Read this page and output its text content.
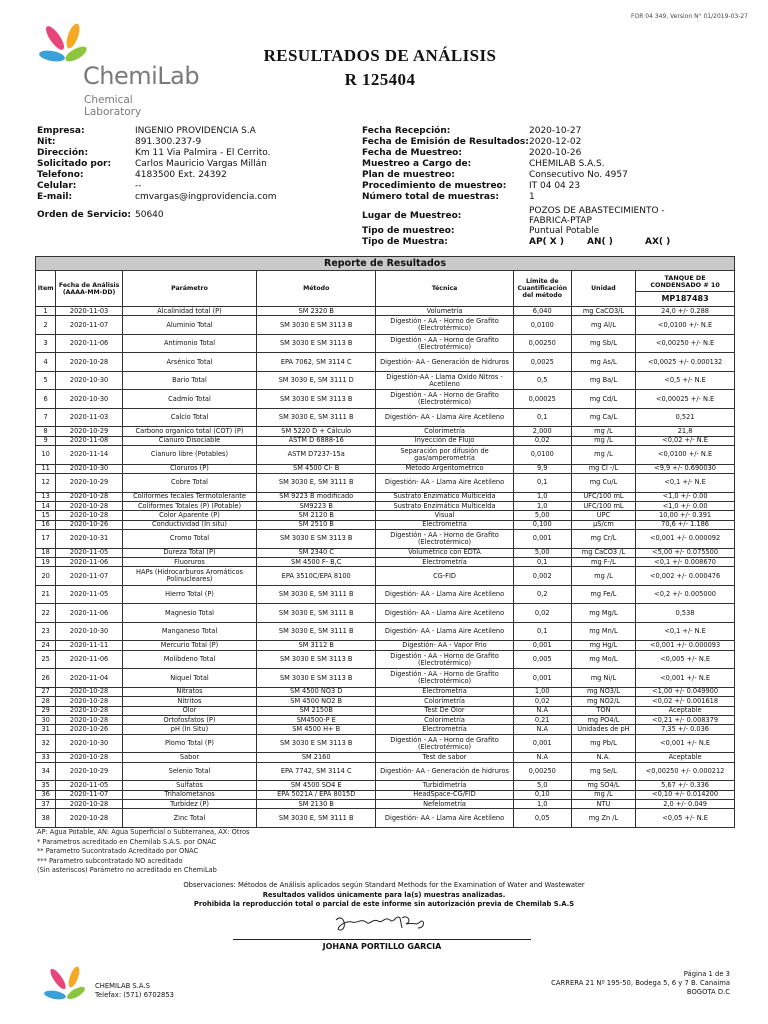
FOR 04 349, Version N° 01/2019-03-27
ChemiLab
Chemical Laboratory
RESULTADOS DE ANÁLISIS
R 125404
Empresa:	INGENIO PROVIDENCIA S.A
Nit:	891.300.237-9
Dirección:	Km 11 Via Palmira - El Cerrito.
Solicitado por:	Carlos Mauricio Vargas Millán
Telefono:	4183500 Ext. 24392
Celular:	--
E-mail:	cmvargas@ingprovidencia.com
Fecha Recepción:	2020-10-27
Fecha de Emisión de Resultados: 2020-12-02
Fecha de Muestreo:	2020-10-26
Muestreo a Cargo de:	CHEMILAB S.A.S.
Plan de muestreo:	Consecutivo No. 4957
Procedimiento de muestreo:	IT 04 04 23
Número total de muestras:	1
Orden de Servicio: 50640	Lugar de Muestreo:	POZOS DE ABASTECIMIENTO -
FABRICA-PTAP
Tipo de muestreo:	Puntual Potable
Tipo de Muestra:	AP( X )	AN( )	AX( )
Reporte de Resultados							
Item	Fecha de Análisis (AAAA-MM-DD)	Parámetro	Método	Técnica	Límite de Cuantificación del método	Unidad	TANQUE DE CONDENSADO # 10
MP187483

1	2020-11-03	Alcalinidad total (P)	SM 2320 B	Volumetría	6,040	mg CaCO3/L	24,0 +/- 0.288
2	2020-11-07	Aluminio Total	SM 3030 E SM 3113 B	Digestión - AA - Horno de Grafito (Electrotérmico)	0,0100	mg Al/L	<0,0100 +/- N.E
3	2020-11-06	Antimonio Total	SM 3030 E SM 3113 B	Digestión - AA - Horno de Grafito (Electrotérmico)	0,00250	mg Sb/L	<0,00250 +/- N.E
4	2020-10-28	Arsénico Total	EPA 7062, SM 3114 C	Digestión- AA - Generación de hidruros	0,0025	mg As/L	<0,0025 +/- 0.000132
5	2020-10-30	Bario Total	SM 3030 E, SM 3111 D	Digestión-AA - Llama Oxido Nitros -Acetileno	0,5	mg Ba/L	<0,5 +/- N.E
6	2020-10-30	Cadmio Total	SM 3030 E SM 3113 B	Digestión - AA - Horno de Grafito (Electrotérmico)	0,00025	mg Cd/L	<0,00025 +/- N.E
7	2020-11-03	Calcio Total	SM 3030 E, SM 3111 B	Digestión- AA - Llama Aire Acetileno	0,1	mg Ca/L	0,521
8	2020-10-29	Carbono organico total (COT) (P)	SM 5220 D + Cálculo	Colorimetría	2,000	mg /L	21,8
9	2020-11-08	Cianuro Disociable	ASTM D 6888-16	Inyección de Flujo	0,02	mg /L	<0,02 +/- N.E
10	2020-11-14	Cianuro libre (Potables)	ASTM D7237-15a	Separación por difusión de gas/amperometría	0,0100	mg /L	<0,0100 +/- N.E
11	2020-10-30	Cloruros (P)	SM 4500 Cl- B	Método Argentometrico	9,9	mg Cl -/L	<9,9 +/- 0.690030
12	2020-10-29	Cobre Total	SM 3030 E, SM 3111 B	Digestión- AA - Llama Aire Acetileno	0,1	mg Cu/L	<0,1 +/- N.E
13	2020-10-28	Coliformes fecales Termotolerante	SM 9223 B modificado	Sustrato Enzimático Multicelda	1,0	UFC/100 mL	<1,0 +/- 0.00
14	2020-10-28	Coliformes Totales (P) (Potable)	SM9223 B	Sustrato Enzimático Multicelda	1,0	UFC/100 mL	<1,0 +/- 0.00
15	2020-10-28	Color Aparente (P)	SM 2120 B	Visual	5,00	UPC	10,00 +/- 0.391
16	2020-10-26	Conductividad (In situ)	SM 2510 B	Electrometría	0,100	µS/cm	70,6 +/- 1.186
17	2020-10-31	Cromo Total	SM 3030 E SM 3113 B	Digestión - AA - Horno de Grafito (Electrotérmico)	0,001	mg Cr/L	<0,001 +/- 0.000092
18	2020-11-05	Dureza Total (P)	SM 2340 C	Volumétrico con EDTA	5,00	mg CaCO3 /L	<5,00 +/- 0.075500
19	2020-11-06	Fluoruros	SM 4500 F- B,C	Electrometría	0,1	mg F-/L	<0,1 +/- 0.008670
20	2020-11-07	HAPs (Hidrocarburos Aromáticos Polinucleares)	EPA 3510C/EPA 8100	CG-FID	0,002	mg /L	<0,002 +/- 0.000476
21	2020-11-05	Hierro Total (P)	SM 3030 E, SM 3111 B	Digestión- AA - Llama Aire Acetileno	0,2	mg Fe/L	<0,2 +/- 0.005000
22	2020-11-06	Magnesio Total	SM 3030 E, SM 3111 B	Digestión- AA - Llama Aire Acetileno	0,02	mg Mg/L	0,538
23	2020-10-30	Manganeso Total	SM 3030 E, SM 3111 B	Digestión- AA - Llama Aire Acetileno	0,1	mg Mn/L	<0,1 +/- N.E
24	2020-11-11	Mercurio Total (P)	SM 3112 B	Digestión- AA - Vapor Frio	0,001	mg Hg/L	<0,001 +/- 0.000093
25	2020-11-06	Molibdeno Total	SM 3030 E SM 3113 B	Digestión - AA - Horno de Grafito (Electrotérmico)	0,005	mg Mo/L	<0,005 +/- N.E
26	2020-11-04	Niquel Total	SM 3030 E SM 3113 B	Digestión - AA - Horno de Grafito (Electrotérmico)	0,001	mg Ni/L	<0,001 +/- N.E
27	2020-10-28	Nitratos	SM 4500 NO3 D	Electrometría	1,00	mg NO3/L	<1,00 +/- 0.049900
28	2020-10-28	Nitritos	SM 4500 NO2 B	Colorimetría	0,02	mg NO2/L	<0,02 +/- 0.001618
29	2020-10-28	Olor	SM 2150B	Test De Olor	N.A	TON	Aceptable
30	2020-10-28	Ortofosfatos (P)	SM4500-P E	Colorimetría	0,21	mg PO4/L	<0,21 +/- 0.008379
31	2020-10-26	pH (In Situ)	SM 4500 H+ B	Electrometría	N.A	Unidades de pH	7,35 +/- 0.036
32	2020-10-30	Plomo Total (P)	SM 3030 E SM 3113 B	Digestión - AA - Horno de Grafito (Electrotérmico)	0,001	mg Pb/L	<0,001 +/- N.E
33	2020-10-28	Sabor	SM 2160	Test de sabor	N.A	N.A.	Aceptable
34	2020-10-29	Selenio Total	EPA 7742, SM 3114 C	Digestión- AA - Generación de hidruros	0,00250	mg Se/L	<0,00250 +/- 0.000212
35	2020-11-05	Sulfatos	SM 4500 SO4 E	Turbidimetría	5,0	mg SO4/L	5,67 +/- 0.336
36	2020-11-07	Trihalometanos	EPA 5021A / EPA 8015D	HeadSpace-CG/FID	0,10	mg /L	<0,10 +/- 0.014200
37	2020-10-28	Turbidez (P)	SM 2130 B	Nefelometría	1,0	NTU	2,0 +/- 0.049
38	2020-10-28	Zinc Total	SM 3030 E, SM 3111 B	Digestión- AA - Llama Aire Acetileno	0,05	mg Zn /L	<0,05 +/- N.E
AP: Agua Potable, AN: Agua Superficial o Subterranea, AX: Otros
* Parametros acreditado en Chemilab S.A.S. por ONAC
** Parametro Sucontratado Acreditado por ONAC
*** Parametro subcontratado NO acreditado
(Sin asteriscos) Parámetro no acreditado en ChemiLab
Observaciones: Métodos de Análisis aplicados según Standard Methods for the Examination of Water and Wastewater
Resultados validos únicamente para la(s) muestras analizadas.
Prohibida la reproducción total o parcial de este informe sin autorización previa de Chemilab S.A.S
JOHANA PORTILLO GARCIA
CHEMILAB S.A.S
Telefax: (571) 6702853
Página 1 de 3
CARRERA 21 Nº 195-50, Bodega 5, 6 y 7 B. Canaima
BOGOTA D.C
